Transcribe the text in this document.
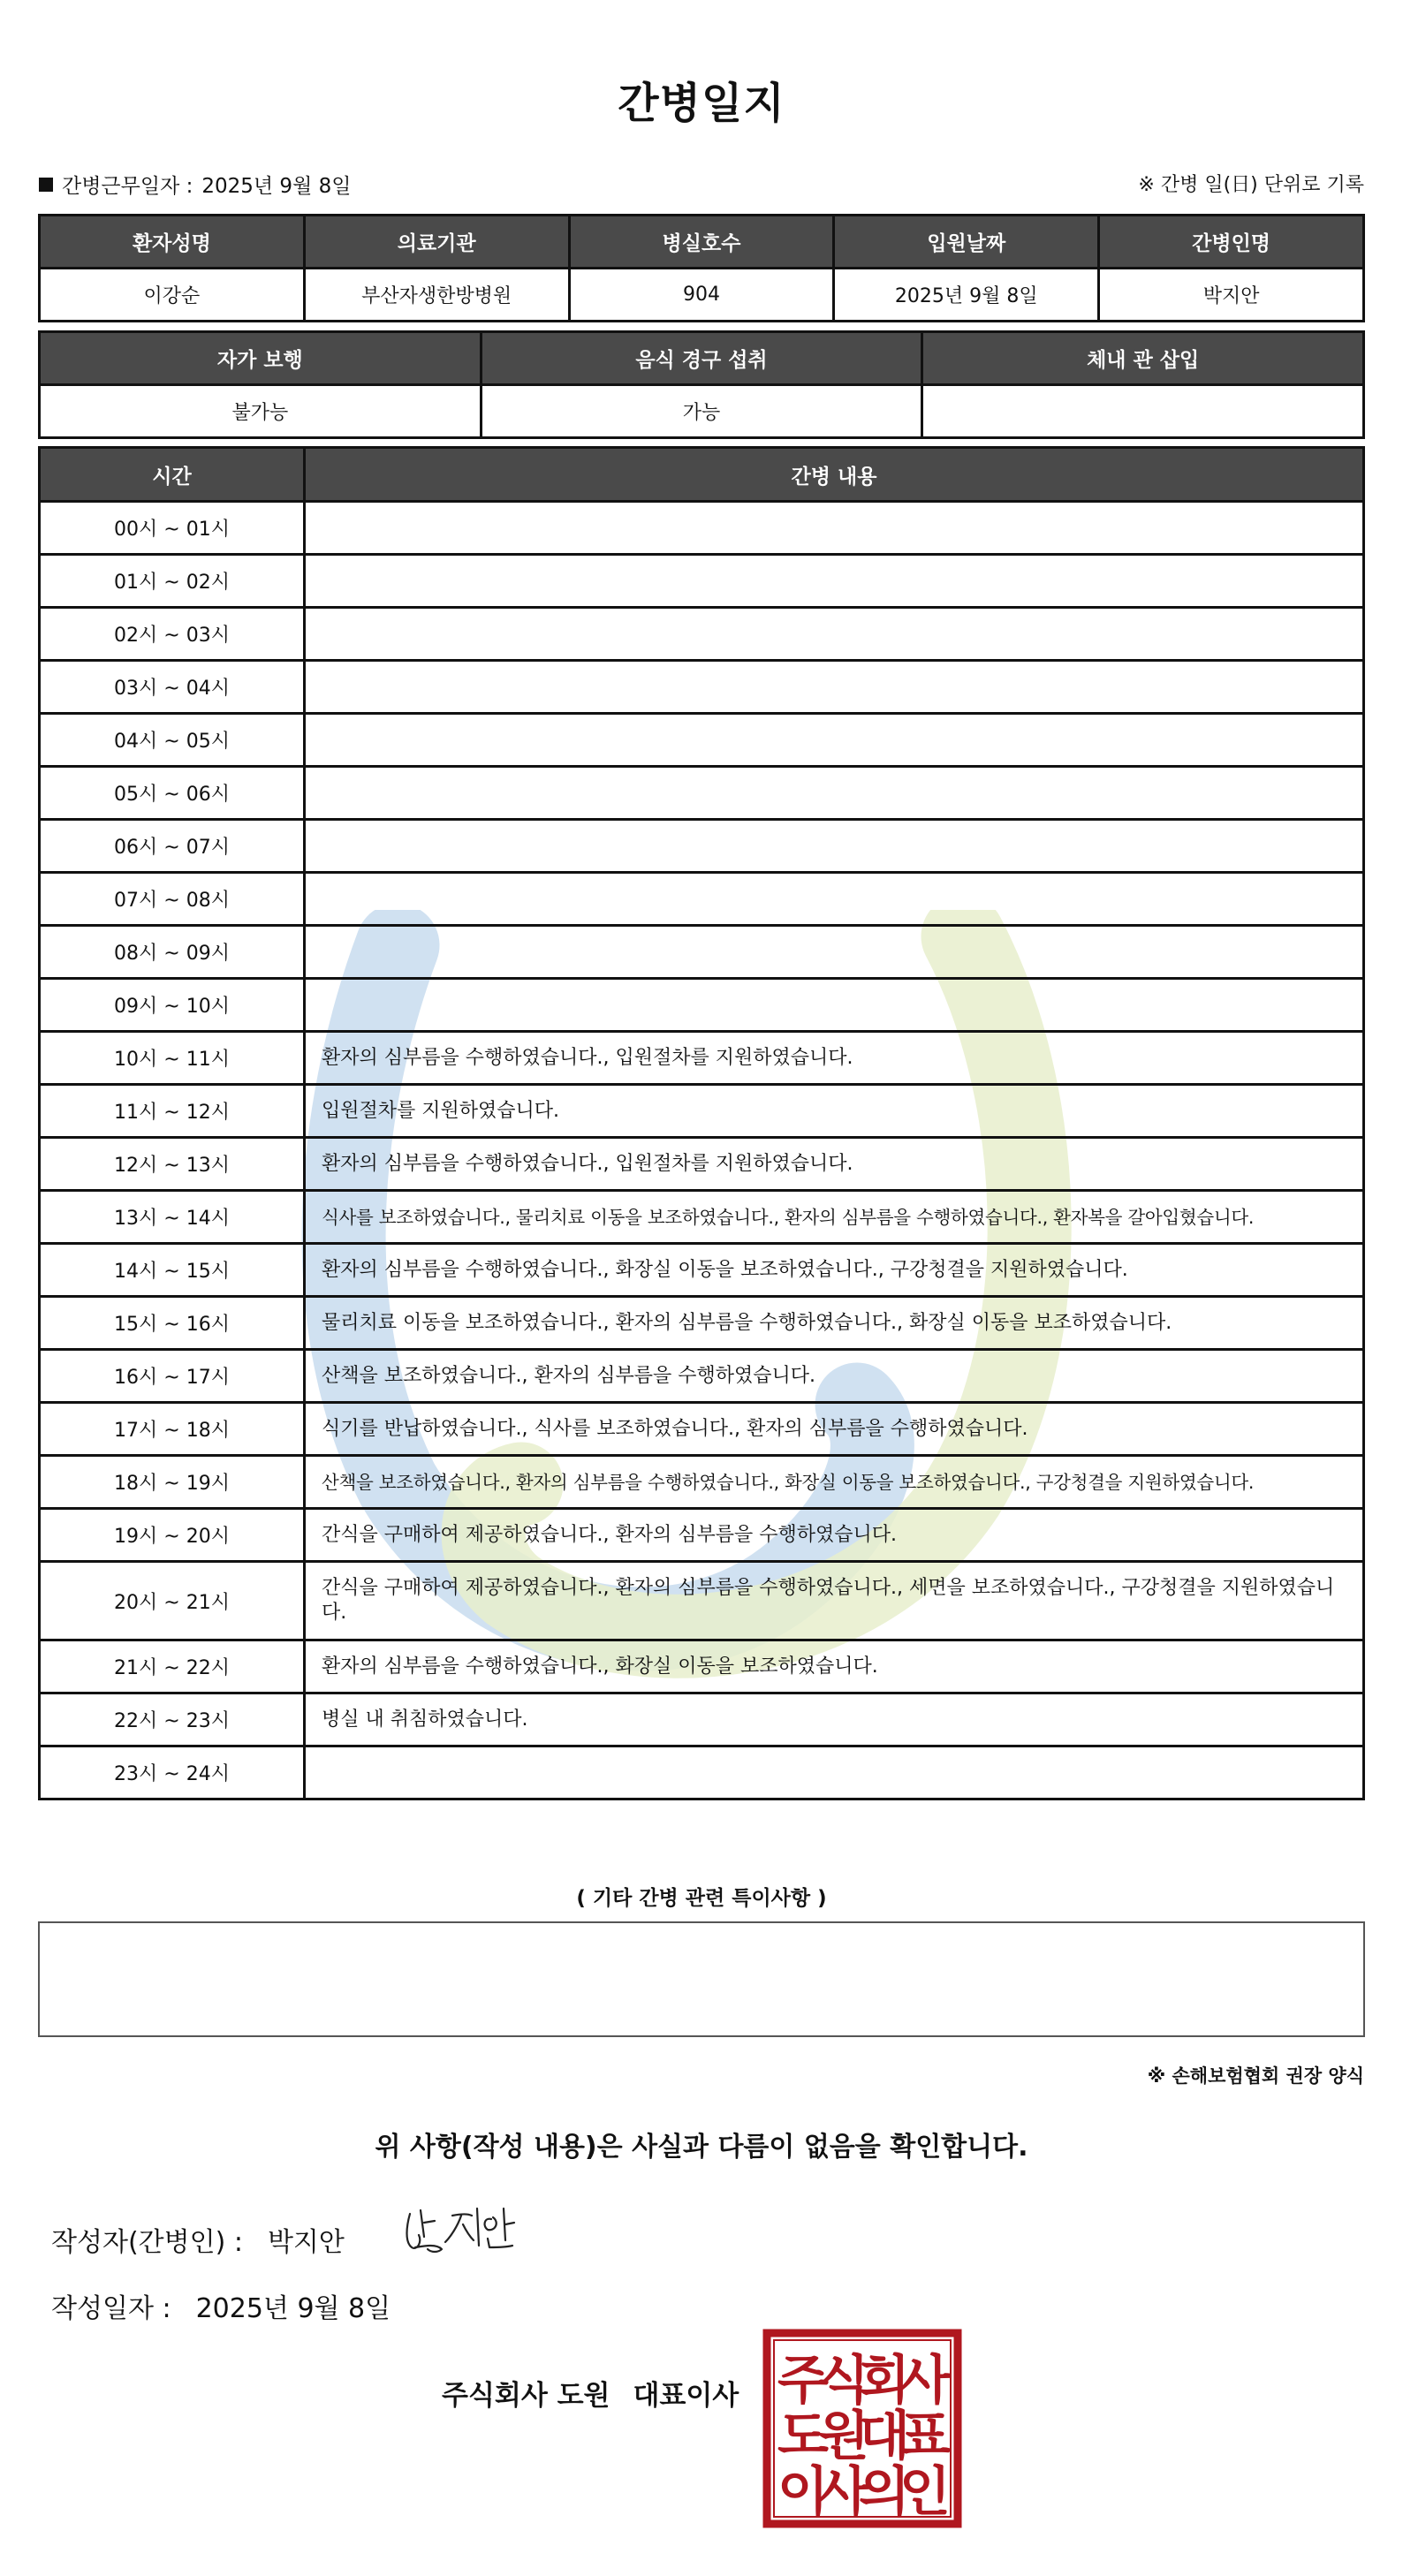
간병일지
간병근무일자 : 2025년 9월 8일	※ 간병 일(日) 단위로 기록
환자성명	의료기관	병실호수	입원날짜	간병인명
이강순	부산자생한방병원	904	2025년 9월 8일	박지안
자가 보행	음식 경구 섭취	체내 관 삽입
불가능	가능	
시간	간병 내용
00시 ~ 01시	
01시 ~ 02시	
02시 ~ 03시	
03시 ~ 04시	
04시 ~ 05시	
05시 ~ 06시	
06시 ~ 07시	
07시 ~ 08시	
08시 ~ 09시	
09시 ~ 10시	
10시 ~ 11시	환자의 심부름을 수행하였습니다., 입원절차를 지원하였습니다.
11시 ~ 12시	입원절차를 지원하였습니다.
12시 ~ 13시	환자의 심부름을 수행하였습니다., 입원절차를 지원하였습니다.
13시 ~ 14시	식사를 보조하였습니다., 물리치료 이동을 보조하였습니다., 환자의 심부름을 수행하였습니다., 환자복을 갈아입혔습니다.
14시 ~ 15시	환자의 심부름을 수행하였습니다., 화장실 이동을 보조하였습니다., 구강청결을 지원하였습니다.
15시 ~ 16시	물리치료 이동을 보조하였습니다., 환자의 심부름을 수행하였습니다., 화장실 이동을 보조하였습니다.
16시 ~ 17시	산책을 보조하였습니다., 환자의 심부름을 수행하였습니다.
17시 ~ 18시	식기를 반납하였습니다., 식사를 보조하였습니다., 환자의 심부름을 수행하였습니다.
18시 ~ 19시	산책을 보조하였습니다., 환자의 심부름을 수행하였습니다., 화장실 이동을 보조하였습니다., 구강청결을 지원하였습니다.
19시 ~ 20시	간식을 구매하여 제공하였습니다., 환자의 심부름을 수행하였습니다.
20시 ~ 21시	간식을 구매하여 제공하였습니다., 환자의 심부름을 수행하였습니다., 세면을 보조하였습니다., 구강청결을 지원하였습니다.
21시 ~ 22시	환자의 심부름을 수행하였습니다., 화장실 이동을 보조하였습니다.
22시 ~ 23시	병실 내 취침하였습니다.
23시 ~ 24시	
( 기타 간병 관련 특이사항 )
※ 손해보험협회 권장 양식
위 사항(작성 내용)은 사실과 다름이 없음을 확인합니다.
작성자(간병인) : 박지안
작성일자 : 2025년 9월 8일
주식회사 도원 대표이사 주
식
회
사
도
원
대
표
이
사
의
인
